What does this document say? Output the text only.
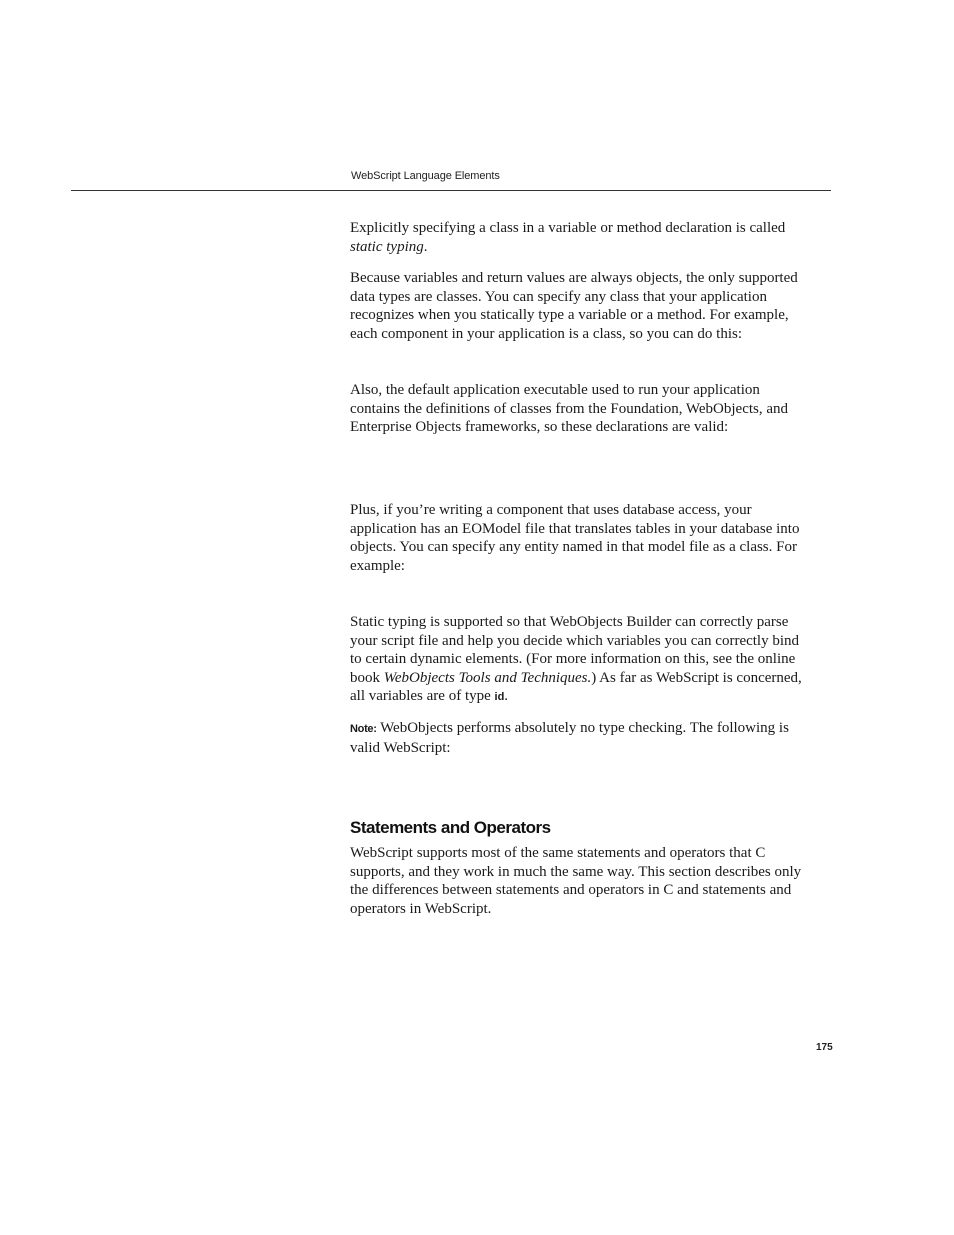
WebScript Language Elements

Explicitly specifying a class in a variable or method declaration is called static typing.

Because variables and return values are always objects, the only supported data types are classes. You can specify any class that your application recognizes when you statically type a variable or a method. For example, each component in your application is a class, so you can do this:

Also, the default application executable used to run your application contains the definitions of classes from the Foundation, WebObjects, and Enterprise Objects frameworks, so these declarations are valid:

Plus, if you’re writing a component that uses database access, your application has an EOModel file that translates tables in your database into objects. You can specify any entity named in that model file as a class. For example:

Static typing is supported so that WebObjects Builder can correctly parse your script file and help you decide which variables you can correctly bind to certain dynamic elements. (For more information on this, see the online book WebObjects Tools and Techniques.) As far as WebScript is concerned, all variables are of type id.

Note: WebObjects performs absolutely no type checking. The following is valid WebScript:

Statements and Operators

WebScript supports most of the same statements and operators that C supports, and they work in much the same way. This section describes only the differences between statements and operators in C and statements and operators in WebScript.

175
